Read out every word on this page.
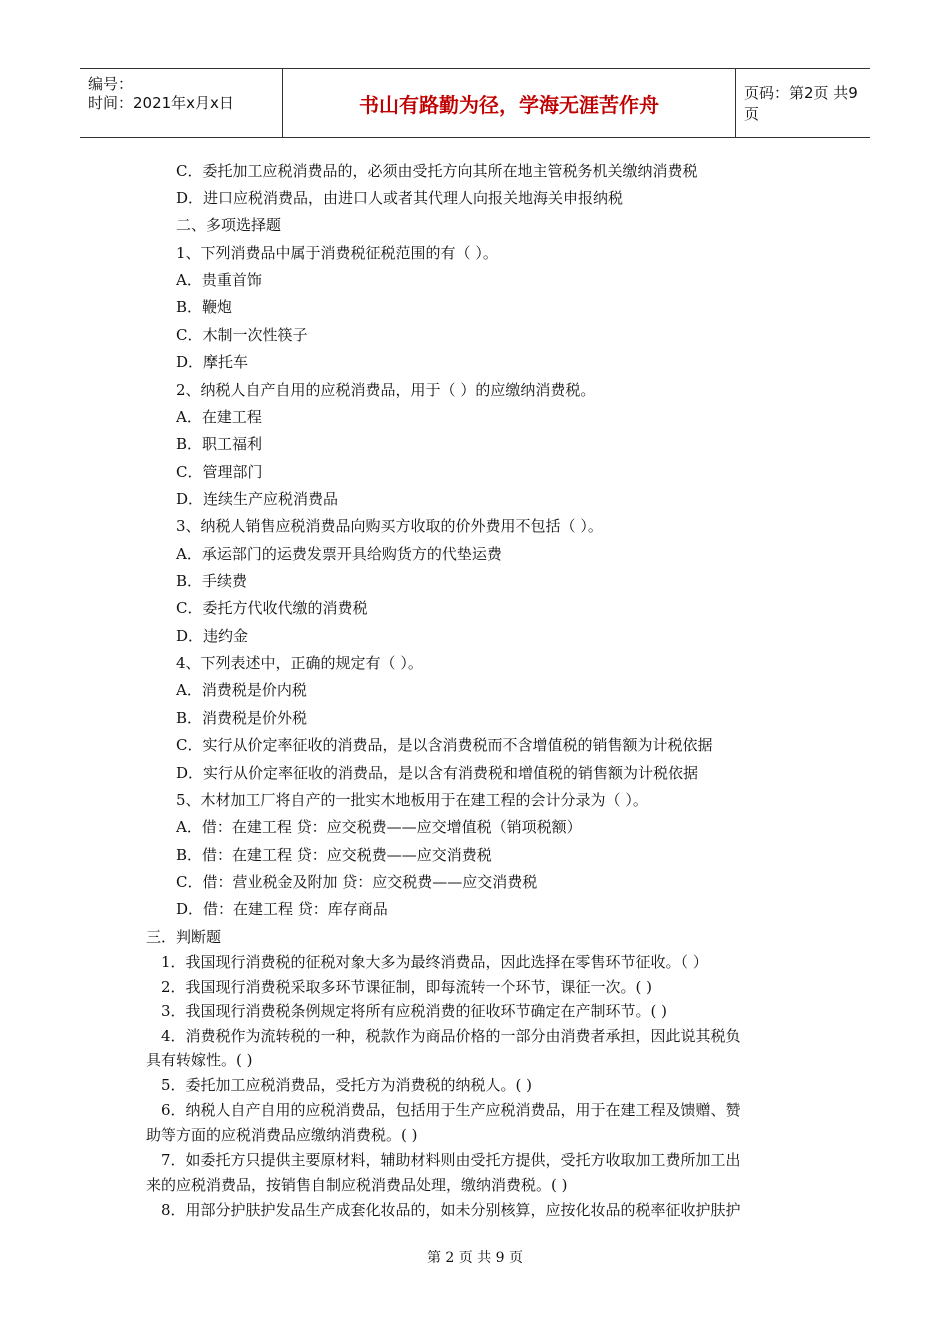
编号：
时间：2021年x月x日	书山有路勤为径，学海无涯苦作舟	页码：第2页 共9页
C．委托加工应税消费品的，必须由受托方向其所在地主管税务机关缴纳消费税
D．进口应税消费品，由进口人或者其代理人向报关地海关申报纳税
二、多项选择题
1、下列消费品中属于消费税征税范围的有（ ）。
A．贵重首饰
B．鞭炮
C．木制一次性筷子
D．摩托车
2、纳税人自产自用的应税消费品，用于（ ）的应缴纳消费税。
A．在建工程
B．职工福利
C．管理部门
D．连续生产应税消费品
3、纳税人销售应税消费品向购买方收取的价外费用不包括（ ）。
A．承运部门的运费发票开具给购货方的代垫运费
B．手续费
C．委托方代收代缴的消费税
D．违约金
4、下列表述中，正确的规定有（ ）。
A．消费税是价内税
B．消费税是价外税
C．实行从价定率征收的消费品，是以含消费税而不含增值税的销售额为计税依据
D．实行从价定率征收的消费品，是以含有消费税和增值税的销售额为计税依据
5、木材加工厂将自产的一批实木地板用于在建工程的会计分录为（ ）。
A．借：在建工程 贷：应交税费——应交增值税（销项税额）
B．借：在建工程 贷：应交税费——应交消费税
C．借：营业税金及附加 贷：应交税费——应交消费税
D．借：在建工程 贷：库存商品
三．判断题
1．我国现行消费税的征税对象大多为最终消费品，因此选择在零售环节征收。（ ）
2．我国现行消费税采取多环节课征制，即每流转一个环节，课征一次。( )
3．我国现行消费税条例规定将所有应税消费的征收环节确定在产制环节。( )
4．消费税作为流转税的一种，税款作为商品价格的一部分由消费者承担，因此说其税负
具有转嫁性。( )
5．委托加工应税消费品，受托方为消费税的纳税人。( )
6．纳税人自产自用的应税消费品，包括用于生产应税消费品，用于在建工程及馈赠、赞
助等方面的应税消费品应缴纳消费税。( )
7．如委托方只提供主要原材料，辅助材料则由受托方提供，受托方收取加工费所加工出
来的应税消费品，按销售自制应税消费品处理，缴纳消费税。( )
8．用部分护肤护发品生产成套化妆品的，如未分别核算，应按化妆品的税率征收护肤护
第 2 页 共 9 页
